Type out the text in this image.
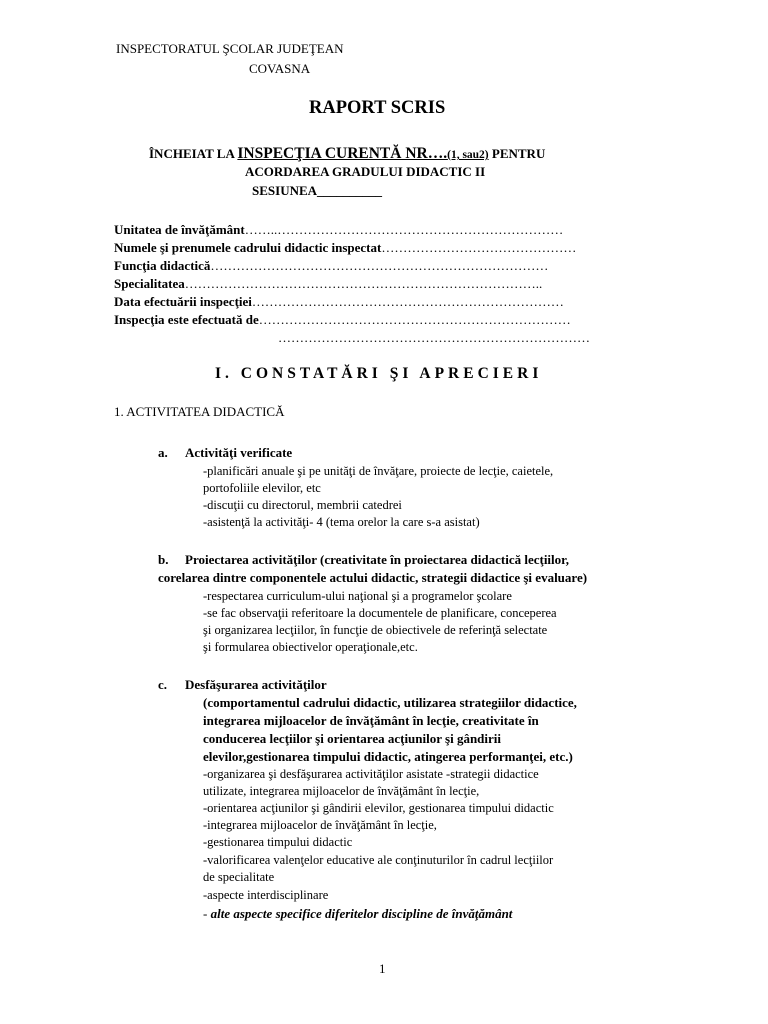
INSPECTORATUL ŞCOLAR JUDEŢEAN
COVASNA
RAPORT SCRIS
ÎNCHEIAT LA INSPECŢIA CURENTĂ NR….(1, sau2) PENTRU
ACORDAREA GRADULUI DIDACTIC II
SESIUNEA__________
Unitatea de învăţământ……..…………………………………………………………
Numele şi prenumele cadrului didactic inspectat………………………………………
Funcţia didactică……………………………………………………………………
Specialitatea………………………………………………………………………..
Data efectuării inspecţiei………………………………………………………………
Inspecţia este efectuată de………………………………………………………………
………………………………………………………………
I. CONSTATĂRI ŞI APRECIERI
1. ACTIVITATEA DIDACTICĂ
a. Activităţi verificate
-planificări anuale şi pe unităţi de învăţare, proiecte de lecţie, caietele,
portofoliile elevilor, etc
-discuţii cu directorul, membrii catedrei
-asistenţă la activităţi- 4 (tema orelor la care s-a asistat)
b. Proiectarea activităţilor (creativitate în proiectarea didactică lecţiilor,
corelarea dintre componentele actului didactic, strategii didactice şi evaluare)
-respectarea curriculum-ului naţional şi a programelor şcolare
-se fac observaţii referitoare la documentele de planificare, conceperea
şi organizarea lecţiilor, în funcţie de obiectivele de referinţă selectate
şi formularea obiectivelor operaţionale,etc.
c. Desfăşurarea activităţilor
(comportamentul cadrului didactic, utilizarea strategiilor didactice,
integrarea mijloacelor de învăţământ în lecţie, creativitate în
conducerea lecţiilor şi orientarea acţiunilor şi gândirii
elevilor,gestionarea timpului didactic, atingerea performanţei, etc.)
-organizarea şi desfăşurarea activităţilor asistate -strategii didactice
utilizate, integrarea mijloacelor de învăţământ în lecţie,
-orientarea acţiunilor şi gândirii elevilor, gestionarea timpului didactic
-integrarea mijloacelor de învăţământ în lecţie,
-gestionarea timpului didactic
-valorificarea valenţelor educative ale conţinuturilor în cadrul lecţiilor
de specialitate
-aspecte interdisciplinare
- alte aspecte specifice diferitelor discipline de învăţământ
1
